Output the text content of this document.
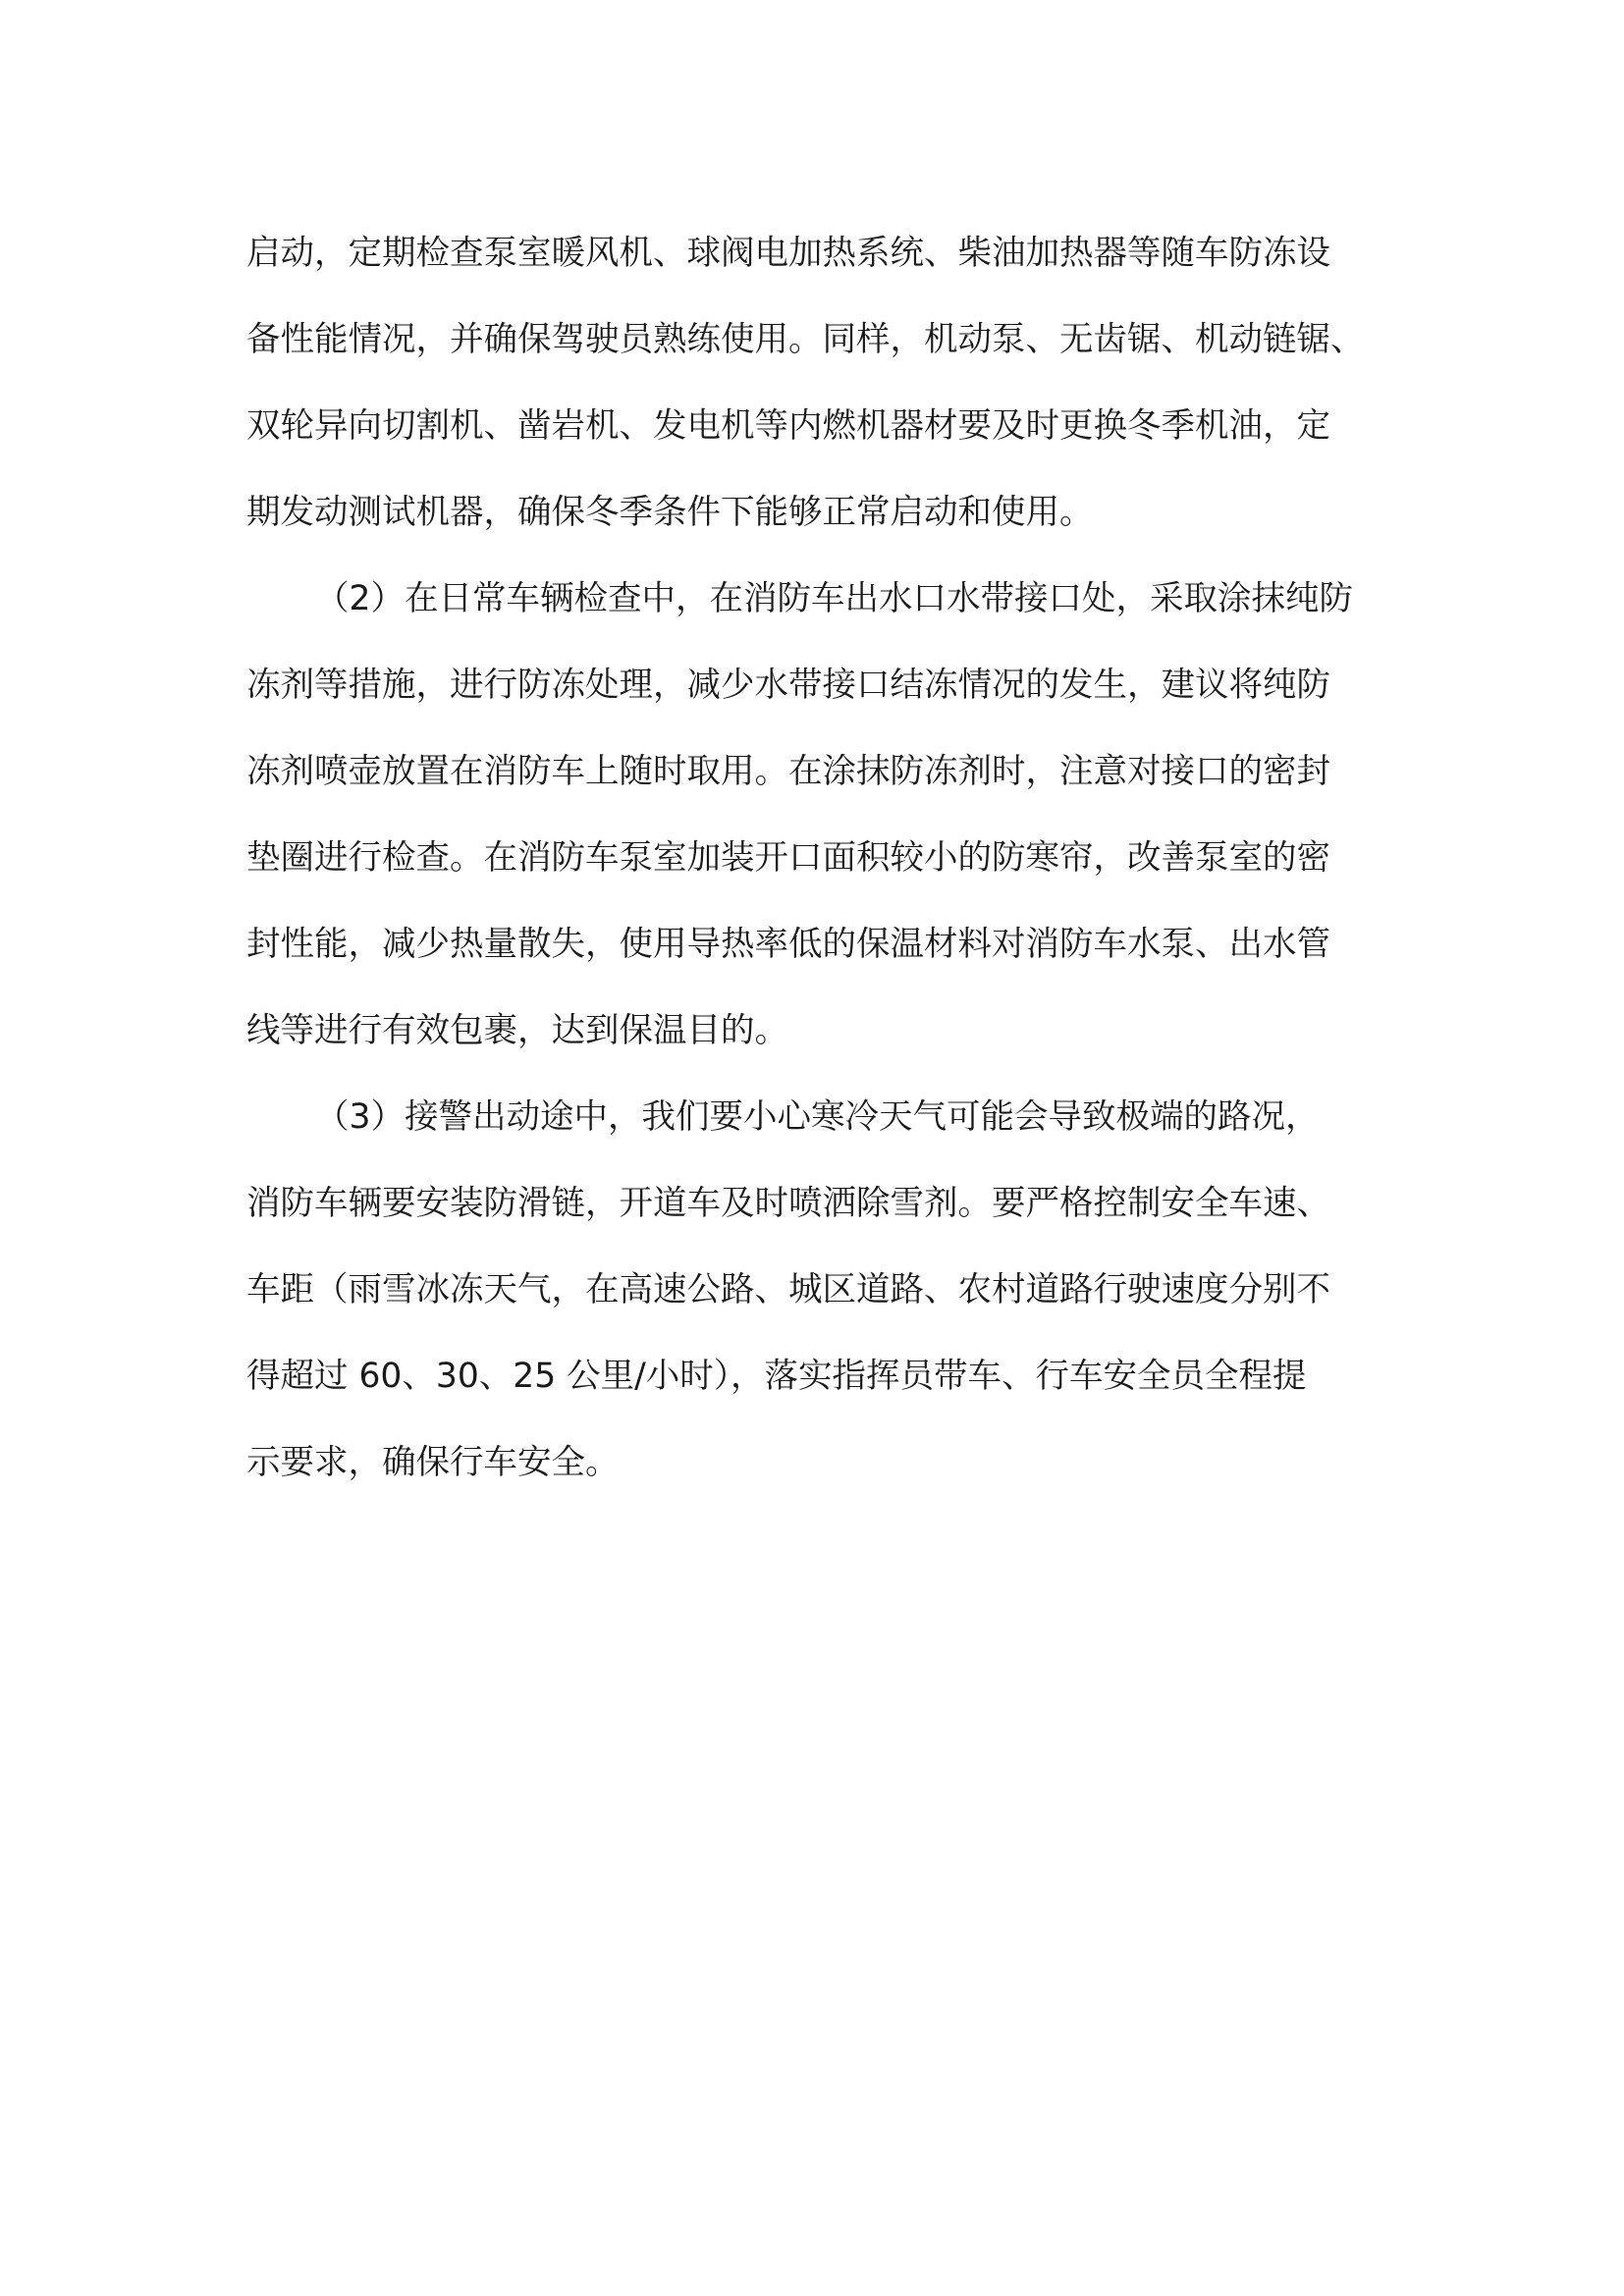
启动，定期检查泵室暖风机、球阀电加热系统、柴油加热器等随车防冻设
备性能情况，并确保驾驶员熟练使用。同样，机动泵、无齿锯、机动链锯、
双轮异向切割机、凿岩机、发电机等内燃机器材要及时更换冬季机油，定
期发动测试机器，确保冬季条件下能够正常启动和使用。
（2）在日常车辆检查中，在消防车出水口水带接口处，采取涂抹纯防
冻剂等措施，进行防冻处理，减少水带接口结冻情况的发生，建议将纯防
冻剂喷壶放置在消防车上随时取用。在涂抹防冻剂时，注意对接口的密封
垫圈进行检查。在消防车泵室加装开口面积较小的防寒帘，改善泵室的密
封性能，减少热量散失，使用导热率低的保温材料对消防车水泵、出水管
线等进行有效包裹，达到保温目的。
（3）接警出动途中，我们要小心寒冷天气可能会导致极端的路况，
消防车辆要安装防滑链，开道车及时喷洒除雪剂。要严格控制安全车速、
车距（雨雪冰冻天气，在高速公路、城区道路、农村道路行驶速度分别不
得超过 60、30、25 公里/小时），落实指挥员带车、行车安全员全程提
示要求，确保行车安全。
